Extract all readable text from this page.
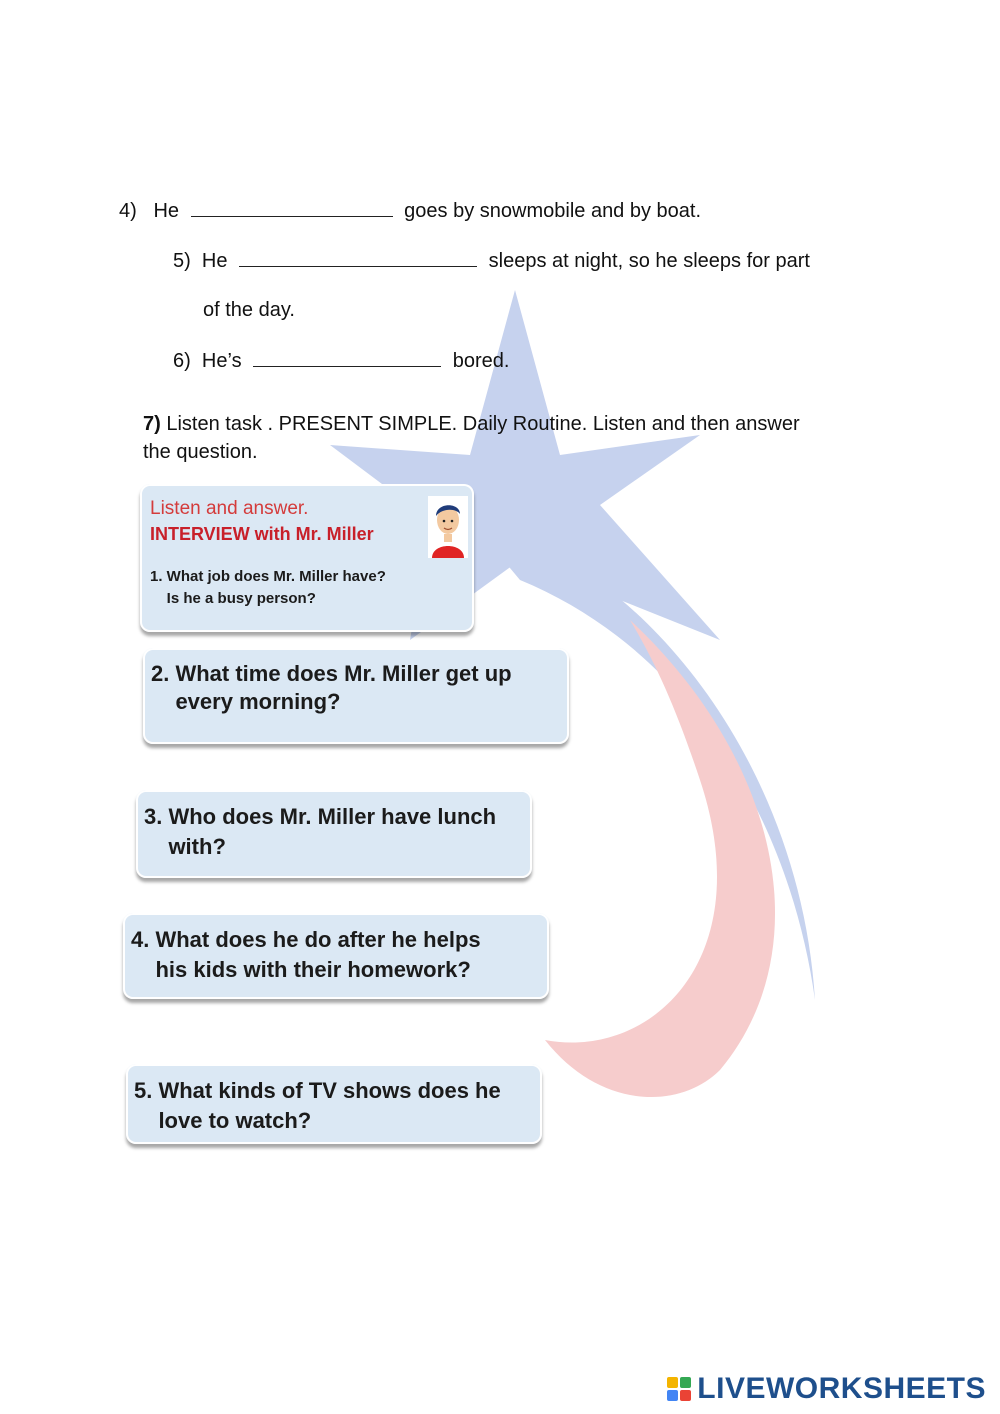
4) He	goes by snowmobile and by boat.
5) He	sleeps at night, so he sleeps for part
of the day.
6) He’s	bored.
7) Listen task . PRESENT SIMPLE. Daily Routine. Listen and then answer the question.
Listen and answer.
INTERVIEW with Mr. Miller
1. What job does Mr. Miller have?
Is he a busy person?
2. What time does Mr. Miller get up
every morning?
3. Who does Mr. Miller have lunch
with?
4. What does he do after he helps
his kids with their homework?
5. What kinds of TV shows does he
love to watch?
LIVEWORKSHEETS
